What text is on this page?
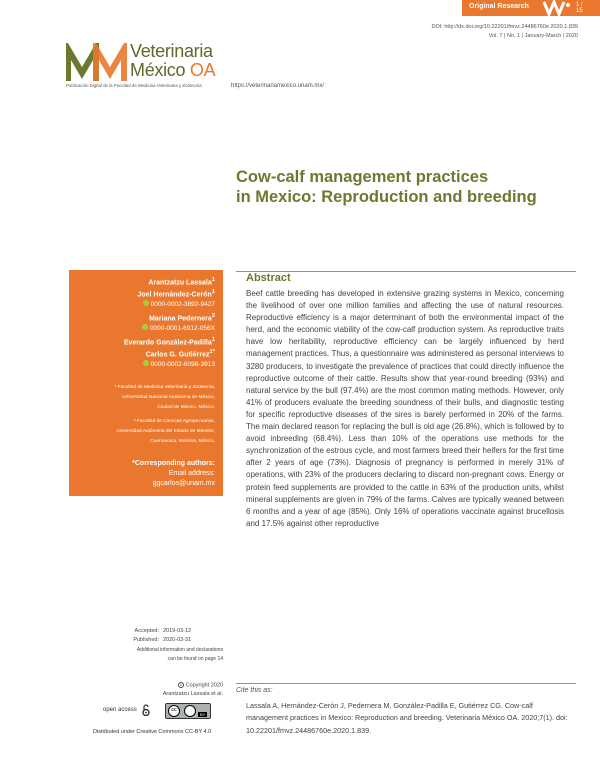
Original Research	1 /
15
DOI: http://dx.doi.org/10.22201/fmvz.24486760e.2020.1.839
Vol. 7 | No. 1 | January-March | 2020
Veterinaria
México OA
Publicación Digital de la Facultad de Medicina Veterinaria y Zootecnia	https://veterinariamexico.unam.mx/
Cow-calf management practices
in Mexico: Reproduction and breeding
Arantzatzu Lassala$^1$
Joel Hernández-Cerón$^1$
0000-0002-3892-9427
Mariana Pedernera$^2$
0000-0001-6912-056X
Everardo González-Padilla$^1$
Carlos G. Gutiérrez$^{1*}$
0000-0002-6098-3913
¹ Facultad de Medicina Veterinaria y Zootecnia,
Universidad Nacional Autónoma de México,
Ciudad de México, México.
² Facultad de Ciencias Agropecuarias,
Universidad Autónoma del Estado de Morelos,
Cuernavaca, Morelos, México.
*Corresponding authors:
Email address:
ggcarlos@unam.mx
Abstract
Beef cattle breeding has developed in extensive grazing systems in Mexico, concerning the livelihood of over one million families and affecting the use of natural resources. Reproductive efficiency is a major determinant of both the environmental impact of the herd, and the economic viability of the cow-calf production system. As reproductive traits have low heritability, reproductive efficiency can be largely influenced by herd management practices. Thus, a questionnaire was administered as personal interviews to 3280 producers, to investigate the prevalence of practices that could directly influence the reproductive outcome of their cattle. Results show that year-round breeding (93%) and natural service by the bull (97.4%) are the most common mating methods. However, only 41% of producers evaluate the breeding soundness of their bulls, and diagnostic testing for specific reproductive diseases of the sires is barely performed in 20% of the farms. The main declared reason for replacing the bull is old age (26.8%), which is followed by to avoid inbreeding (68.4%). Less than 10% of the operations use methods for the synchronization of the estrous cycle, and most farmers breed their heifers for the first time after 2 years of age (73%). Diagnosis of pregnancy is performed in merely 31% of operations, with 23% of the producers declaring to discard non-pregnant cows. Energy or protein feed supplements are provided to the cattle in 63% of the production units, whilst mineral supplements are given in 79% of the farms. Calves are typically weaned between 6 months and a year of age (85%). Only 16% of operations vaccinate against brucellosis and 17.5% against other reproductive
Accepted: 2019-03-12
Published: 2020-03-31
Additional information and declarations
can be found on page 14
c Copyright 2020
Arantzatzu Lassala et al.
open access	cc
BY
Distributed under Creative Commons CC-BY 4.0
Cite this as:
Lassala A, Hernández-Cerón J, Pedernera M, González-Padilla E, Gutiérrez CG. Cow-calf management practices in Mexico: Reproduction and breeding. Veterinaria México OA. 2020;7(1). doi: 10.22201/fmvz.24486760e.2020.1.839.
